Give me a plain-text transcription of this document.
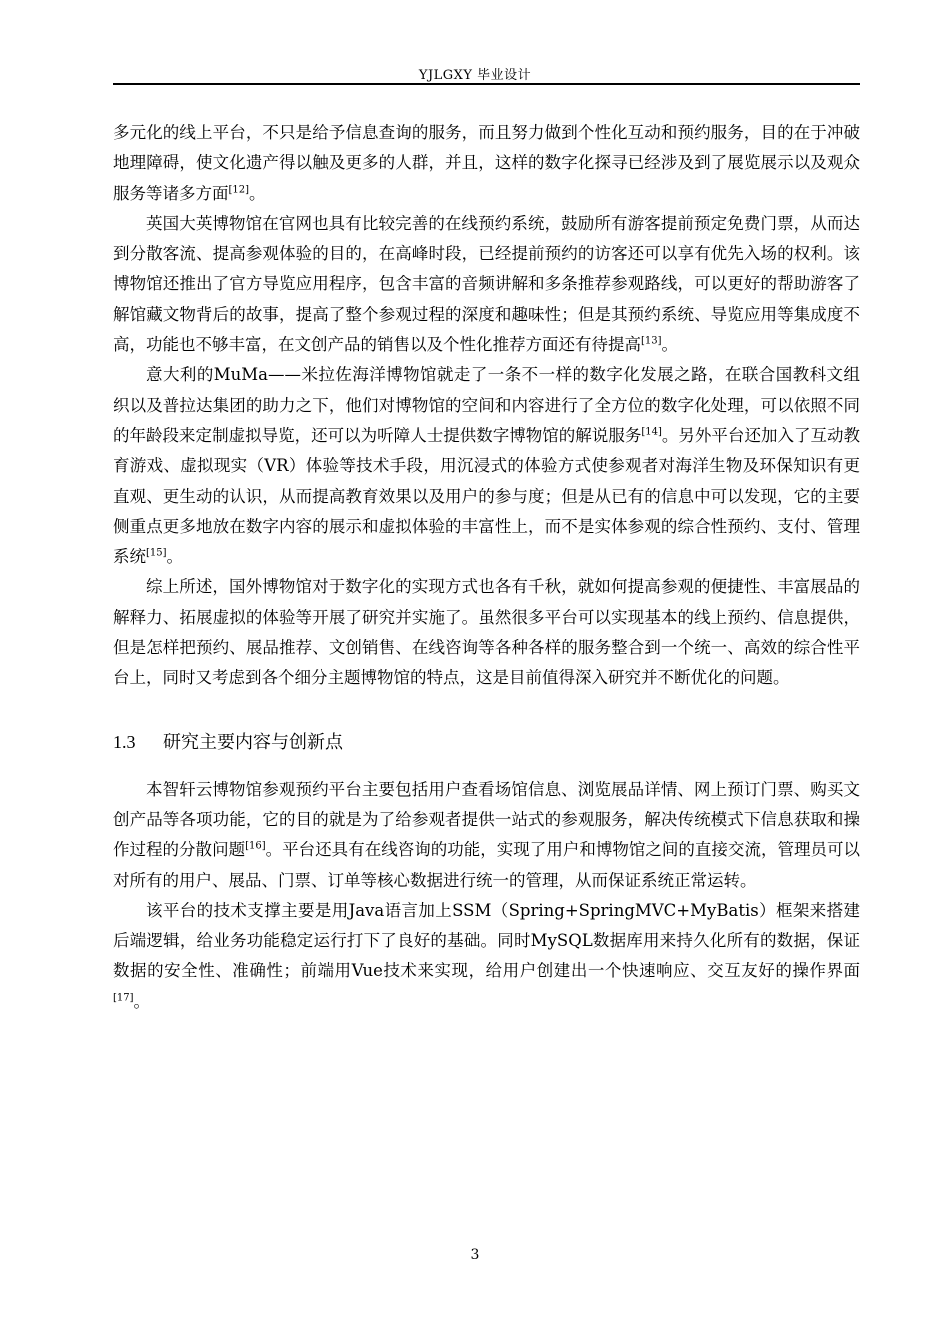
YJLGXY 毕业设计

多元化的线上平台，不只是给予信息查询的服务，而且努力做到个性化互动和预约服务，目的在于冲破地理障碍，使文化遗产得以触及更多的人群，并且，这样的数字化探寻已经涉及到了展览展示以及观众服务等诸多方面[12]。

英国大英博物馆在官网也具有比较完善的在线预约系统，鼓励所有游客提前预定免费门票，从而达到分散客流、提高参观体验的目的，在高峰时段，已经提前预约的访客还可以享有优先入场的权利。该博物馆还推出了官方导览应用程序，包含丰富的音频讲解和多条推荐参观路线，可以更好的帮助游客了解馆藏文物背后的故事，提高了整个参观过程的深度和趣味性；但是其预约系统、导览应用等集成度不高，功能也不够丰富，在文创产品的销售以及个性化推荐方面还有待提高[13]。

意大利的MuMa——米拉佐海洋博物馆就走了一条不一样的数字化发展之路，在联合国教科文组织以及普拉达集团的助力之下，他们对博物馆的空间和内容进行了全方位的数字化处理，可以依照不同的年龄段来定制虚拟导览，还可以为听障人士提供数字博物馆的解说服务[14]。另外平台还加入了互动教育游戏、虚拟现实（VR）体验等技术手段，用沉浸式的体验方式使参观者对海洋生物及环保知识有更直观、更生动的认识，从而提高教育效果以及用户的参与度；但是从已有的信息中可以发现，它的主要侧重点更多地放在数字内容的展示和虚拟体验的丰富性上，而不是实体参观的综合性预约、支付、管理系统[15]。

综上所述，国外博物馆对于数字化的实现方式也各有千秋，就如何提高参观的便捷性、丰富展品的解释力、拓展虚拟的体验等开展了研究并实施了。虽然很多平台可以实现基本的线上预约、信息提供，但是怎样把预约、展品推荐、文创销售、在线咨询等各种各样的服务整合到一个统一、高效的综合性平台上，同时又考虑到各个细分主题博物馆的特点，这是目前值得深入研究并不断优化的问题。

1.3 研究主要内容与创新点

本智轩云博物馆参观预约平台主要包括用户查看场馆信息、浏览展品详情、网上预订门票、购买文创产品等各项功能，它的目的就是为了给参观者提供一站式的参观服务，解决传统模式下信息获取和操作过程的分散问题[16]。平台还具有在线咨询的功能，实现了用户和博物馆之间的直接交流，管理员可以对所有的用户、展品、门票、订单等核心数据进行统一的管理，从而保证系统正常运转。

该平台的技术支撑主要是用Java语言加上SSM（Spring+SpringMVC+MyBatis）框架来搭建后端逻辑，给业务功能稳定运行打下了良好的基础。同时MySQL数据库用来持久化所有的数据，保证数据的安全性、准确性；前端用Vue技术来实现，给用户创建出一个快速响应、交互友好的操作界面[17]。

3
